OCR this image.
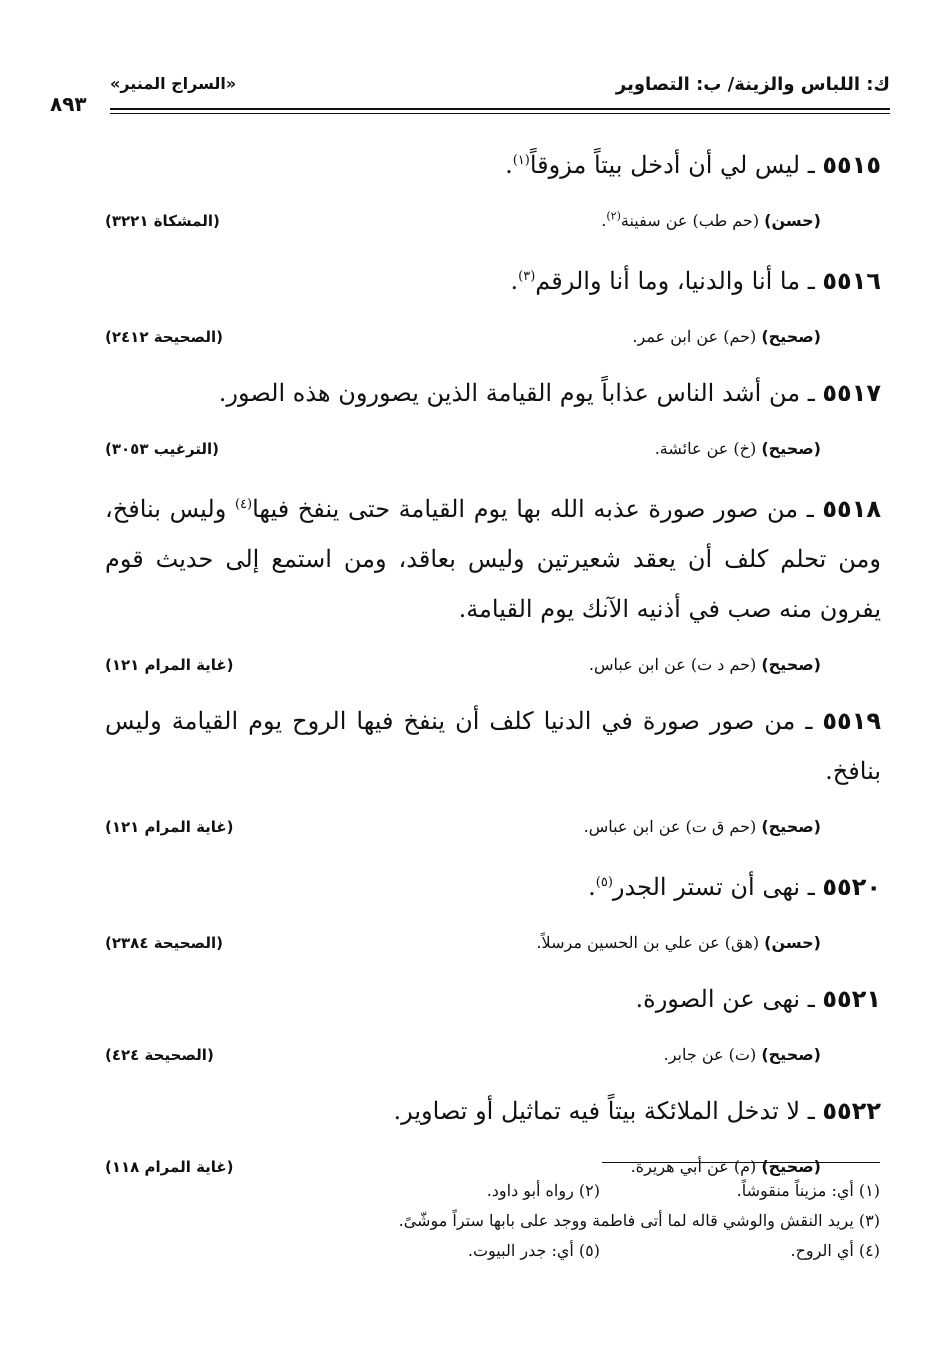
ك: اللباس والزينة/ ب: التصاوير
«السراج المنير»
٨٩٣

٥٥١٥ ـ ليس لي أن أدخل بيتاً مزوقاً$^{(١)}$.

(حسن) (حم طب) عن سفينة$^{(٢)}$.
(المشكاة ٣٢٢١)

٥٥١٦ ـ ما أنا والدنيا، وما أنا والرقم$^{(٣)}$.

(صحيح) (حم) عن ابن عمر.
(الصحيحة ٢٤١٢)

٥٥١٧ ـ من أشد الناس عذاباً يوم القيامة الذين يصورون هذه الصور.

(صحيح) (خ) عن عائشة.
(الترغيب ٣٠٥٣)

٥٥١٨ ـ من صور صورة عذبه الله بها يوم القيامة حتى ينفخ فيها$^{(٤)}$ وليس بنافخ، ومن تحلم كلف أن يعقد شعيرتين وليس بعاقد، ومن استمع إلى حديث قوم يفرون منه صب في أذنيه الآنك يوم القيامة.

(صحيح) (حم د ت) عن ابن عباس.
(غاية المرام ١٢١)

٥٥١٩ ـ من صور صورة في الدنيا كلف أن ينفخ فيها الروح يوم القيامة وليس بنافخ.

(صحيح) (حم ق ت) عن ابن عباس.
(غاية المرام ١٢١)

٥٥٢٠ ـ نهى أن تستر الجدر$^{(٥)}$.

(حسن) (هق) عن علي بن الحسين مرسلاً.
(الصحيحة ٢٣٨٤)

٥٥٢١ ـ نهى عن الصورة.

(صحيح) (ت) عن جابر.
(الصحيحة ٤٢٤)

٥٥٢٢ ـ لا تدخل الملائكة بيتاً فيه تماثيل أو تصاوير.

(صحيح) (م) عن أبي هريرة.
(غاية المرام ١١٨)
(١) أي: مزيناً منقوشاً.
(٢) رواه أبو داود.
(٣) يريد النقش والوشي قاله لما أتى فاطمة ووجد على بابها ستراً موشّىً.
(٤) أي الروح.
(٥) أي: جدر البيوت.
